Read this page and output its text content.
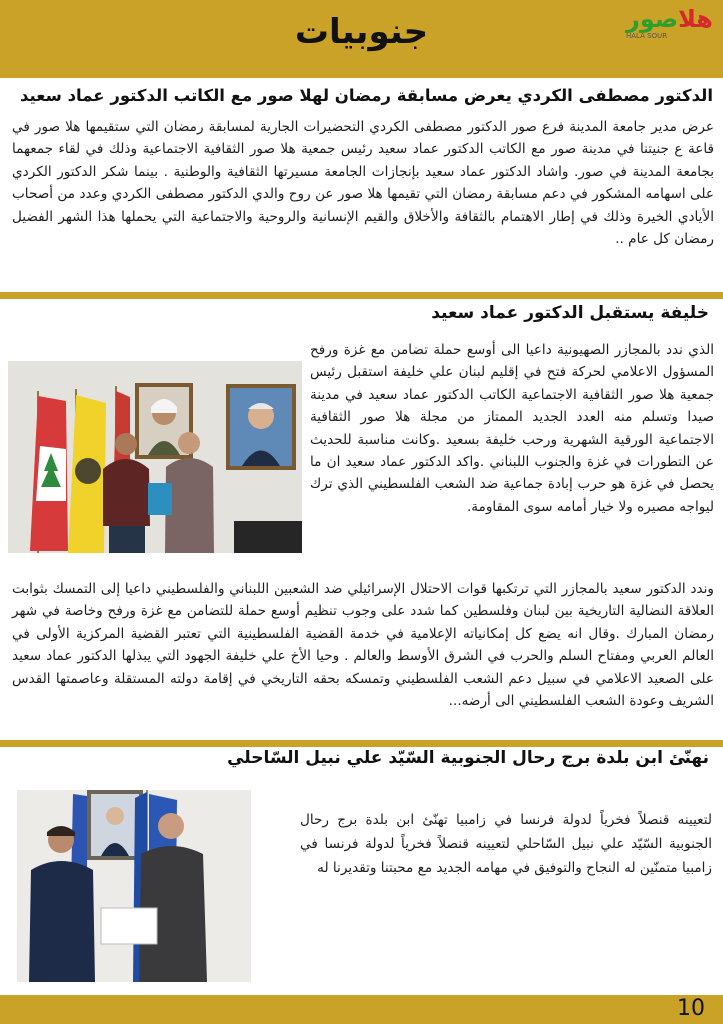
جنوبيات	هلاصور
HALA SOUR
الدكتور مصطفى الكردي يعرض مسابقة رمضان لهلا صور مع الكاتب الدكتور عماد سعيد

عرض مدير جامعة المدينة فرع صور الدكتور مصطفى الكردي التحضيرات الجارية لمسابقة رمضان التي ستقيمها هلا صور في قاعة ع جنيتنا في مدينة صور مع الكاتب الدكتور عماد سعيد رئيس جمعية هلا صور الثقافية الاجتماعية وذلك في لقاء جمعهما بجامعة المدينة في صور. واشاد الدكتور عماد سعيد بإنجازات الجامعة مسيرتها الثقافية والوطنية . بينما شكر الدكتور الكردي على اسهامه المشكور في دعم مسابقة رمضان التي تقيمها هلا صور عن روح والدي الدكتور مصطفى الكردي وعدد من أصحاب الأيادي الخيرة وذلك في إطار الاهتمام بالثقافة والأخلاق والقيم الإنسانية والروحية والاجتماعية التي يحملها هذا الشهر الفضيل رمضان كل عام ..

خليفة يستقبل الدكتور عماد سعيد

الذي ندد بالمجازر الصهيونية داعيا الى أوسع حملة تضامن مع غزة ورفح المسؤول الاعلامي لحركة فتح في إقليم لبنان علي خليفة استقبل رئيس جمعية هلا صور الثقافية الاجتماعية الكاتب الدكتور عماد سعيد في مدينة صيدا وتسلم منه العدد الجديد الممتاز من مجلة هلا صور الثقافية الاجتماعية الورقية الشهرية ورحب خليفة بسعيد .وكانت مناسبة للحديث عن التطورات في غزة والجنوب اللبناني .واكد الدكتور عماد سعيد ان ما يحصل في غزة هو حرب إبادة جماعية ضد الشعب الفلسطيني الذي ترك ليواجه مصيره ولا خيار أمامه سوى المقاومة.

وندد الدكتور سعيد بالمجازر التي ترتكبها قوات الاحتلال الإسرائيلي ضد الشعبين اللبناني والفلسطيني داعيا إلى التمسك بثوابت العلاقة النضالية التاريخية بين لبنان وفلسطين كما شدد على وجوب تنظيم أوسع حملة للتضامن مع غزة ورفح وخاصة في شهر رمضان المبارك .وقال انه يضع كل إمكانياته الإعلامية في خدمة القضية الفلسطينية التي تعتبر القضية المركزية الأولى في العالم العربي ومفتاح السلم والحرب في الشرق الأوسط والعالم . وحيا الأخ علي خليفة الجهود التي يبذلها الدكتور عماد سعيد على الصعيد الاعلامي في سبيل دعم الشعب الفلسطيني وتمسكه بحقه التاريخي في إقامة دولته المستقلة وعاصمتها القدس الشريف وعودة الشعب الفلسطيني الى أرضه...

نهنّئ ابن بلدة برج رحال الجنوبية السّيّد علي نبيل السّاحلي

لتعيينه قنصلاً فخرياً لدولة فرنسا في زامبيا تهنّئ ابن بلدة برج رحال الجنوبية السّيّد علي نبيل السّاحلي لتعيينه قنصلاً فخرياً لدولة فرنسا في زامبيا متمنّين له النجاح والتوفيق في مهامه الجديد مع محبتنا وتقديرنا له

10
